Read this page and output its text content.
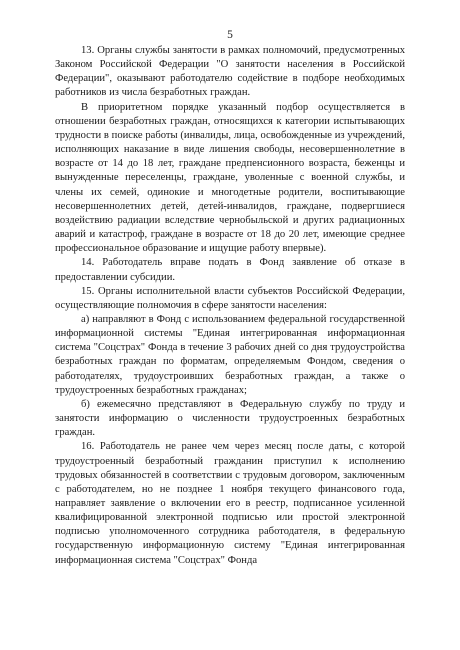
5

13. Органы службы занятости в рамках полномочий, предусмотренных Законом Российской Федерации "О занятости населения в Российской Федерации", оказывают работодателю содействие в подборе необходимых работников из числа безработных граждан.

В приоритетном порядке указанный подбор осуществляется в отношении безработных граждан, относящихся к категории испытывающих трудности в поиске работы (инвалиды, лица, освобожденные из учреждений, исполняющих наказание в виде лишения свободы, несовершеннолетние в возрасте от 14 до 18 лет, граждане предпенсионного возраста, беженцы и вынужденные переселенцы, граждане, уволенные с военной службы, и члены их семей, одинокие и многодетные родители, воспитывающие несовершеннолетних детей, детей-инвалидов, граждане, подвергшиеся воздействию радиации вследствие чернобыльской и других радиационных аварий и катастроф, граждане в возрасте от 18 до 20 лет, имеющие среднее профессиональное образование и ищущие работу впервые).

14. Работодатель вправе подать в Фонд заявление об отказе в предоставлении субсидии.

15. Органы исполнительной власти субъектов Российской Федерации, осуществляющие полномочия в сфере занятости населения:

а) направляют в Фонд с использованием федеральной государственной информационной системы "Единая интегрированная информационная система "Соцстрах" Фонда в течение 3 рабочих дней со дня трудоустройства безработных граждан по форматам, определяемым Фондом, сведения о работодателях, трудоустроивших безработных граждан, а также о трудоустроенных безработных гражданах;

б) ежемесячно представляют в Федеральную службу по труду и занятости информацию о численности трудоустроенных безработных граждан.

16. Работодатель не ранее чем через месяц после даты, с которой трудоустроенный безработный гражданин приступил к исполнению трудовых обязанностей в соответствии с трудовым договором, заключенным с работодателем, но не позднее 1 ноября текущего финансового года, направляет заявление о включении его в реестр, подписанное усиленной квалифицированной электронной подписью или простой электронной подписью уполномоченного сотрудника работодателя, в федеральную государственную информационную систему "Единая интегрированная информационная система "Соцстрах" Фонда
